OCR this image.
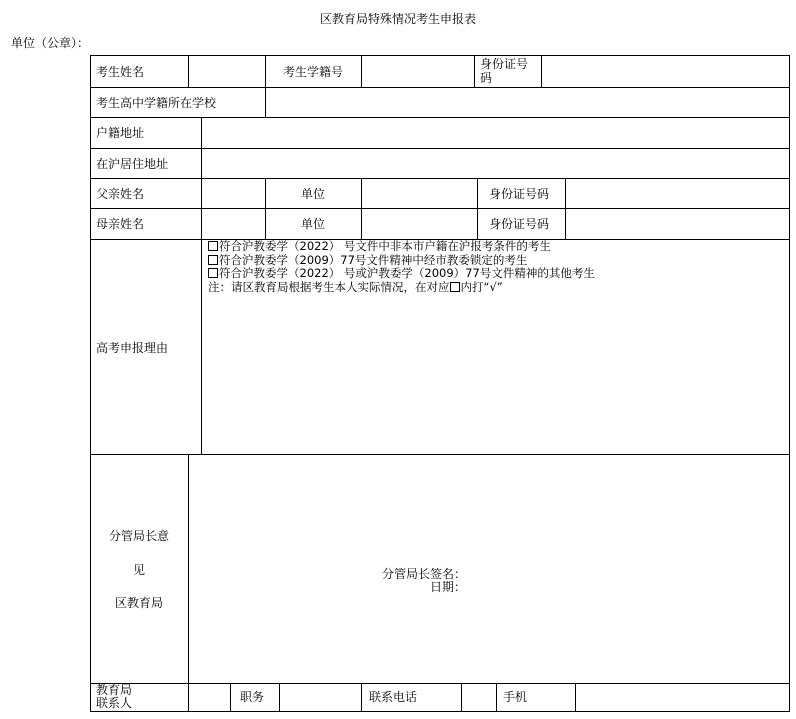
区教育局特殊情况考生申报表
单位（公章）：
考生姓名	考生学籍号
身份证号
码
考生高中学籍所在学校
户籍地址
在沪居住地址
父亲姓名	单位	身份证号码
母亲姓名	单位	身份证号码
高考申报理由
符合沪教委学（2022） 号文件中非本市户籍在沪报考条件的考生
符合沪教委学（2009）77号文件精神中经市教委锁定的考生
符合沪教委学（2022） 号或沪教委学（2009）77号文件精神的其他考生
注：请区教育局根据考生本人实际情况，在对应 内打“√”
分管局长意
见
区教育局
分管局长签名：
日期：
教育局
联系人	职务	联系电话	手机
